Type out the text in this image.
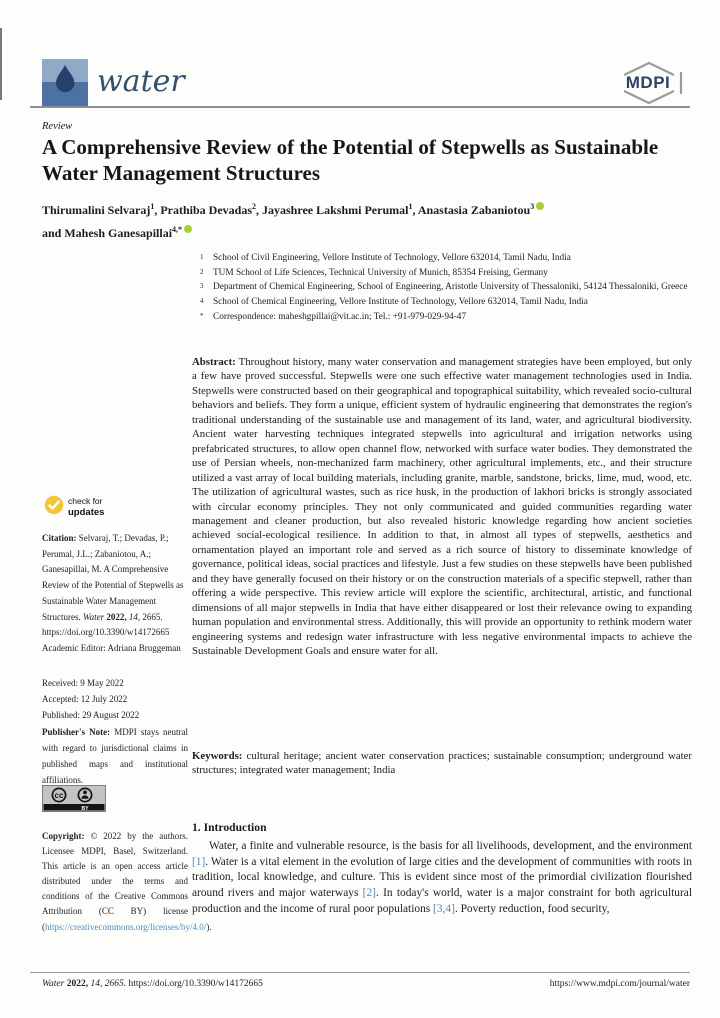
water	MDPI
Review
A Comprehensive Review of the Potential of Stepwells as Sustainable Water Management Structures
Thirumalini Selvaraj$^1$, Prathiba Devadas$^2$, Jayashree Lakshmi Perumal$^1$, Anastasia Zabaniotou$^3$
and Mahesh Ganesapillai$^{4,*}$
1	School of Civil Engineering, Vellore Institute of Technology, Vellore 632014, Tamil Nadu, India
2	TUM School of Life Sciences, Technical University of Munich, 85354 Freising, Germany
3	Department of Chemical Engineering, School of Engineering, Aristotle University of Thessaloniki, 54124 Thessaloniki, Greece
4	School of Chemical Engineering, Vellore Institute of Technology, Vellore 632014, Tamil Nadu, India
*	Correspondence: maheshgpillai@vit.ac.in; Tel.: +91-979-029-94-47

Abstract: Throughout history, many water conservation and management strategies have been employed, but only a few have proved successful. Stepwells were one such effective water management technologies used in India. Stepwells were constructed based on their geographical and topographical suitability, which revealed socio-cultural behaviors and beliefs. They form a unique, efficient system of hydraulic engineering that demonstrates the region's traditional understanding of the sustainable use and management of its land, water, and agricultural biodiversity. Ancient water harvesting techniques integrated stepwells into agricultural and irrigation networks using prefabricated structures, to allow open channel flow, networked with surface water bodies. They demonstrated the use of Persian wheels, non-mechanized farm machinery, other agricultural implements, etc., and their structure utilized a vast array of local building materials, including granite, marble, sandstone, bricks, lime, mud, wood, etc. The utilization of agricultural wastes, such as rice husk, in the production of lakhori bricks is strongly associated with circular economy principles. They not only communicated and guided communities regarding water management and cleaner production, but also revealed historic knowledge regarding how ancient societies achieved social-ecological resilience. In addition to that, in almost all types of stepwells, aesthetics and ornamentation played an important role and served as a rich source of history to disseminate knowledge of governance, political ideas, social practices and lifestyle. Just a few studies on these stepwells have been published and they have generally focused on their history or on the construction materials of a specific stepwell, rather than offering a wide perspective. This review article will explore the scientific, architectural, artistic, and functional dimensions of all major stepwells in India that have either disappeared or lost their relevance owing to expanding human population and environmental stress. Additionally, this will provide an opportunity to rethink modern water engineering systems and redesign water infrastructure with less negative environmental impacts to achieve the Sustainable Development Goals and ensure water for all.

Keywords: cultural heritage; ancient water conservation practices; sustainable consumption; underground water structures; integrated water management; India

1. Introduction

Water, a finite and vulnerable resource, is the basis for all livelihoods, development, and the environment [1]. Water is a vital element in the evolution of large cities and the development of communities with roots in tradition, local knowledge, and culture. This is evident since most of the primordial civilization flourished around rivers and major waterways [2]. In today's world, water is a major constraint for both agricultural production and the income of rural poor populations [3,4]. Poverty reduction, food security,

check for
updates
Citation: Selvaraj, T.; Devadas, P.; Perumal, J.L.; Zabaniotou, A.; Ganesapillai, M. A Comprehensive Review of the Potential of Stepwells as Sustainable Water Management Structures. Water 2022, 14, 2665. https://doi.org/10.3390/w14172665
Academic Editor: Adriana Bruggeman
Received: 9 May 2022
Accepted: 12 July 2022
Published: 29 August 2022
Publisher's Note: MDPI stays neutral with regard to jurisdictional claims in published maps and institutional affiliations.
cc
BY
Copyright: © 2022 by the authors. Licensee MDPI, Basel, Switzerland. This article is an open access article distributed under the terms and conditions of the Creative Commons Attribution (CC BY) license (https://creativecommons.org/licenses/by/4.0/).
Water 2022, 14, 2665. https://doi.org/10.3390/w14172665	https://www.mdpi.com/journal/water
